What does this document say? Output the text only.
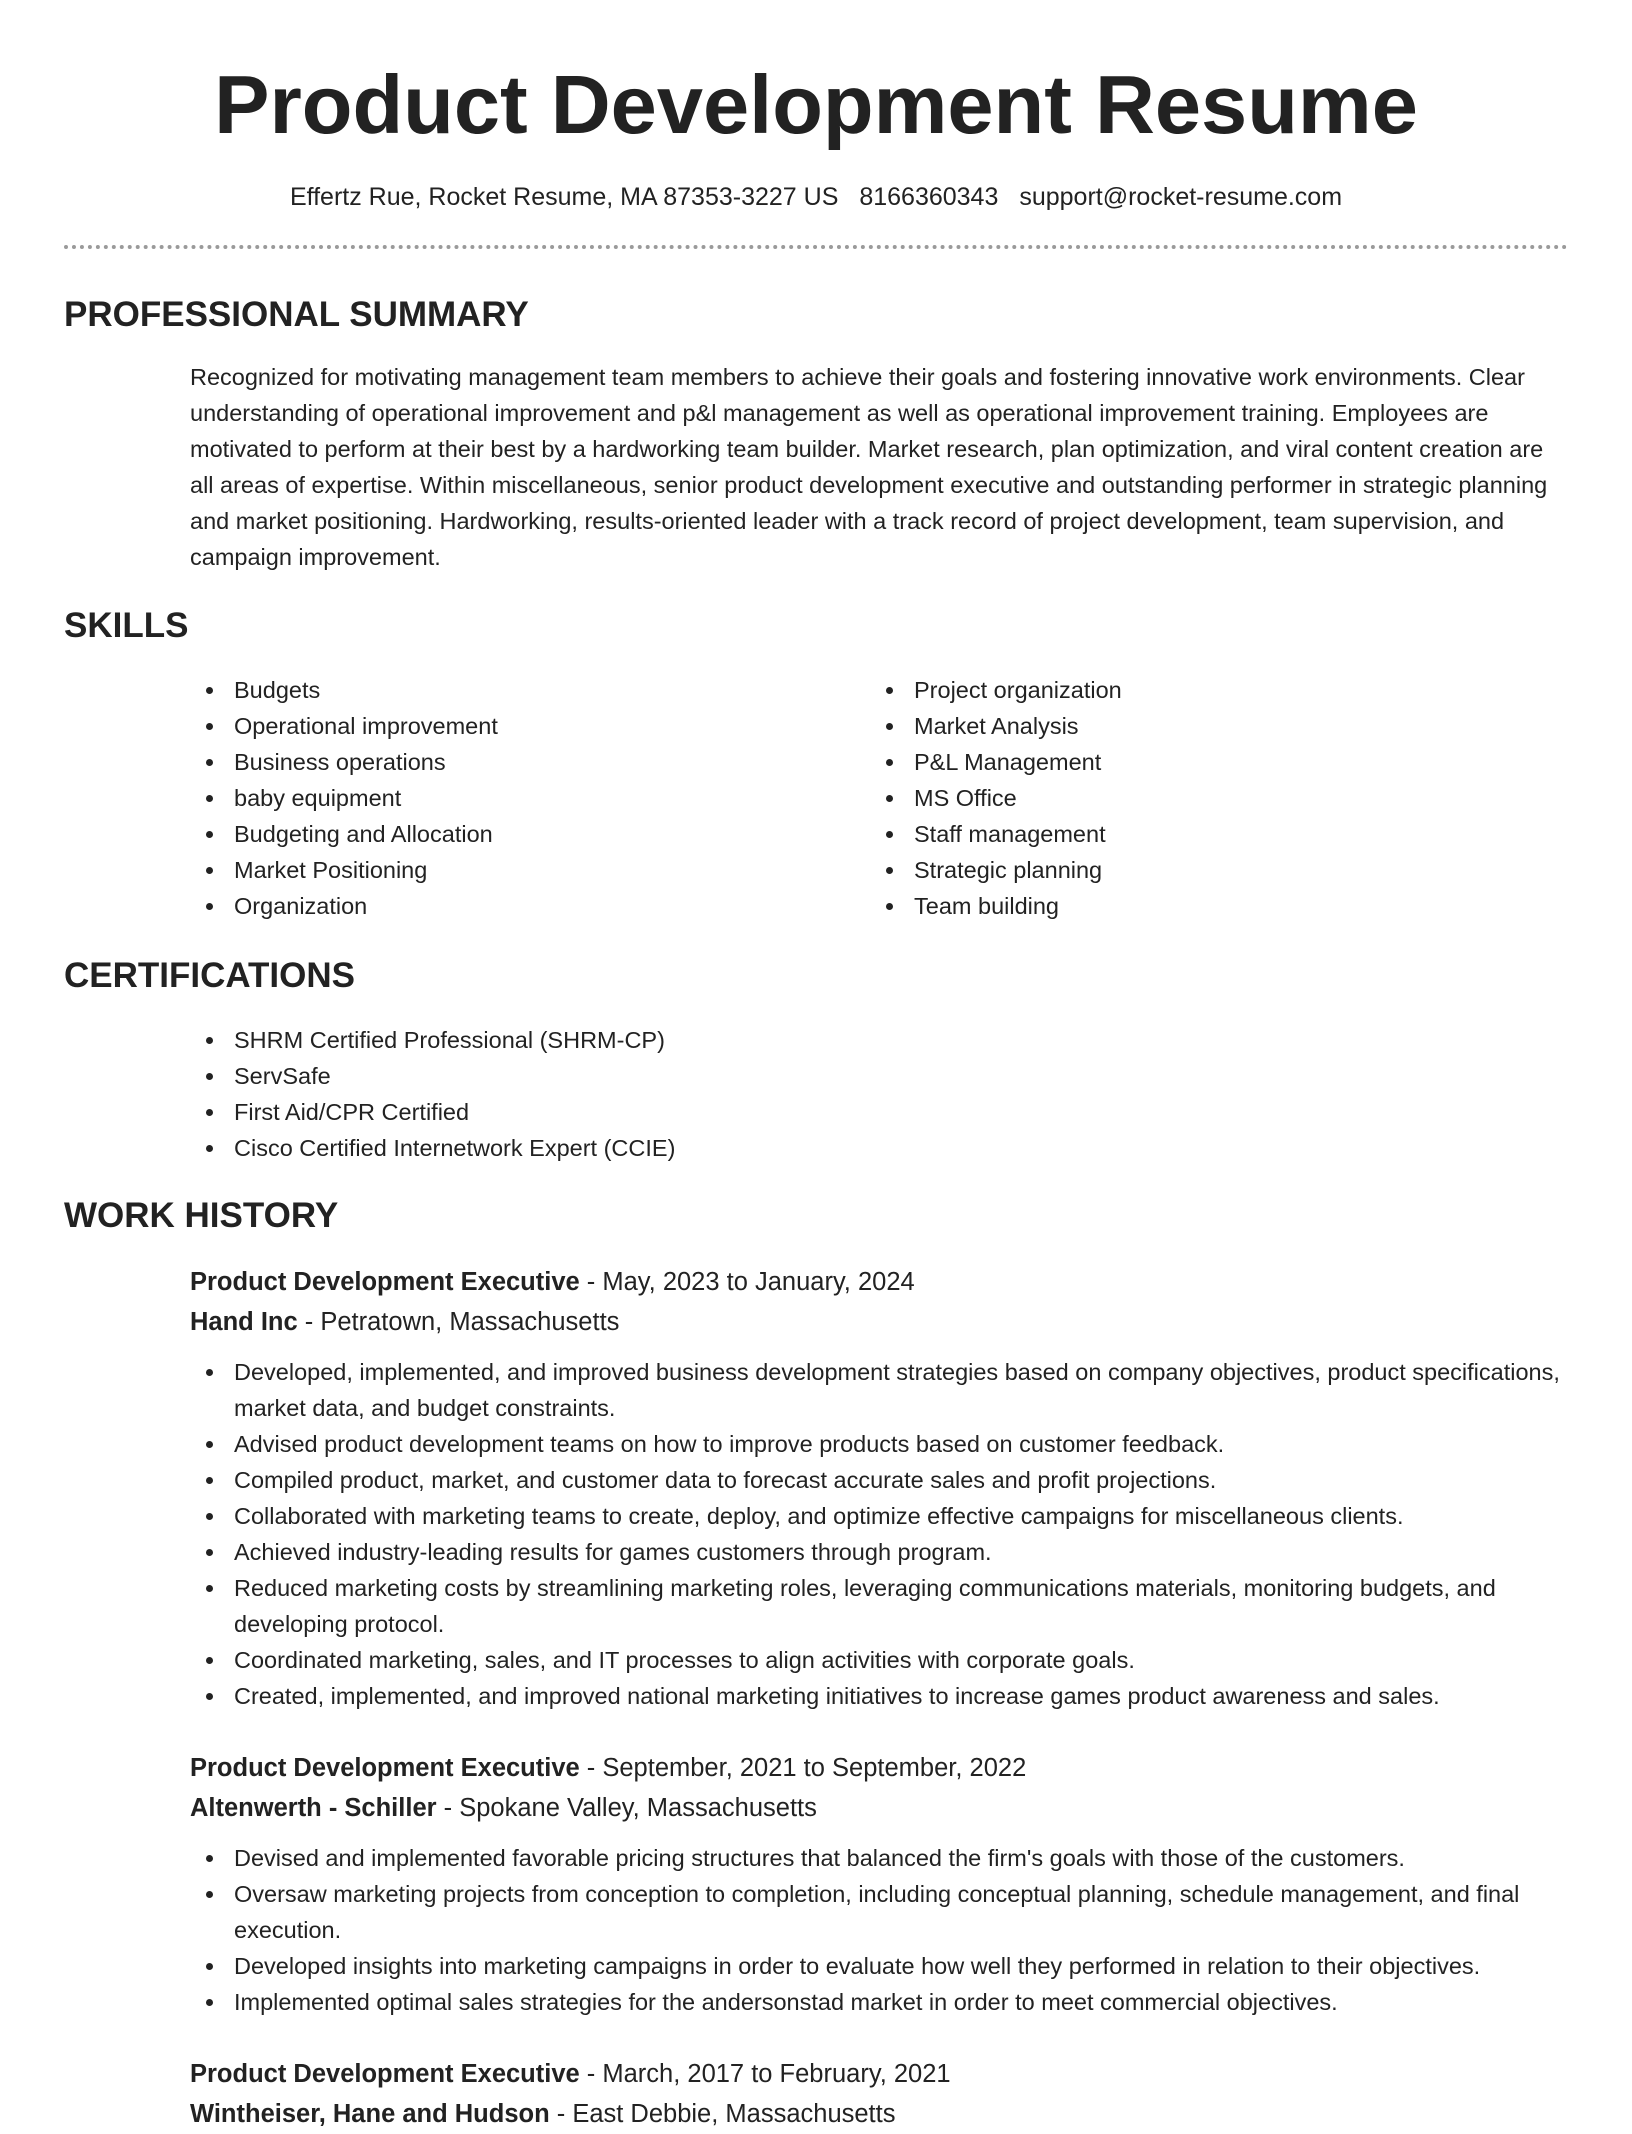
Product Development Resume
Effertz Rue, Rocket Resume, MA 87353-3227 US 8166360343 support@rocket-resume.com
PROFESSIONAL SUMMARY
Recognized for motivating management team members to achieve their goals and fostering innovative work environments. Clear understanding of operational improvement and p&l management as well as operational improvement training. Employees are motivated to perform at their best by a hardworking team builder. Market research, plan optimization, and viral content creation are all areas of expertise. Within miscellaneous, senior product development executive and outstanding performer in strategic planning and market positioning. Hardworking, results-oriented leader with a track record of project development, team supervision, and campaign improvement.
SKILLS
Budgets
Operational improvement
Business operations
baby equipment
Budgeting and Allocation
Market Positioning
Organization
Project organization
Market Analysis
P&L Management
MS Office
Staff management
Strategic planning
Team building
CERTIFICATIONS
SHRM Certified Professional (SHRM-CP)
ServSafe
First Aid/CPR Certified
Cisco Certified Internetwork Expert (CCIE)
WORK HISTORY
Product Development Executive - May, 2023 to January, 2024
Hand Inc - Petratown, Massachusetts
Developed, implemented, and improved business development strategies based on company objectives, product specifications, market data, and budget constraints.
Advised product development teams on how to improve products based on customer feedback.
Compiled product, market, and customer data to forecast accurate sales and profit projections.
Collaborated with marketing teams to create, deploy, and optimize effective campaigns for miscellaneous clients.
Achieved industry-leading results for games customers through program.
Reduced marketing costs by streamlining marketing roles, leveraging communications materials, monitoring budgets, and developing protocol.
Coordinated marketing, sales, and IT processes to align activities with corporate goals.
Created, implemented, and improved national marketing initiatives to increase games product awareness and sales.
Product Development Executive - September, 2021 to September, 2022
Altenwerth - Schiller - Spokane Valley, Massachusetts
Devised and implemented favorable pricing structures that balanced the firm's goals with those of the customers.
Oversaw marketing projects from conception to completion, including conceptual planning, schedule management, and final execution.
Developed insights into marketing campaigns in order to evaluate how well they performed in relation to their objectives.
Implemented optimal sales strategies for the andersonstad market in order to meet commercial objectives.
Product Development Executive - March, 2017 to February, 2021
Wintheiser, Hane and Hudson - East Debbie, Massachusetts
